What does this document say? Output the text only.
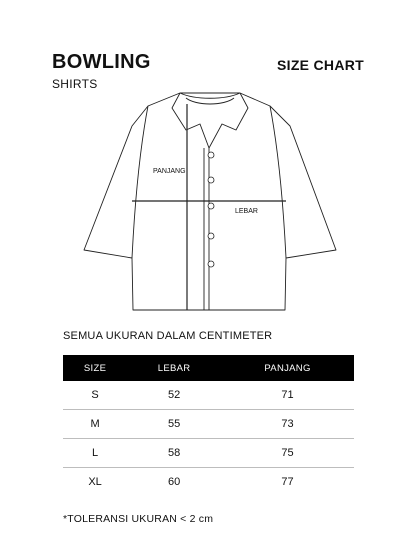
BOWLING
SHIRTS
SIZE CHART
PANJANG
LEBAR
SEMUA UKURAN DALAM CENTIMETER
SIZE	LEBAR	PANJANG
S	52	71
M	55	73
L	58	75
XL	60	77
*TOLERANSI UKURAN < 2 cm
